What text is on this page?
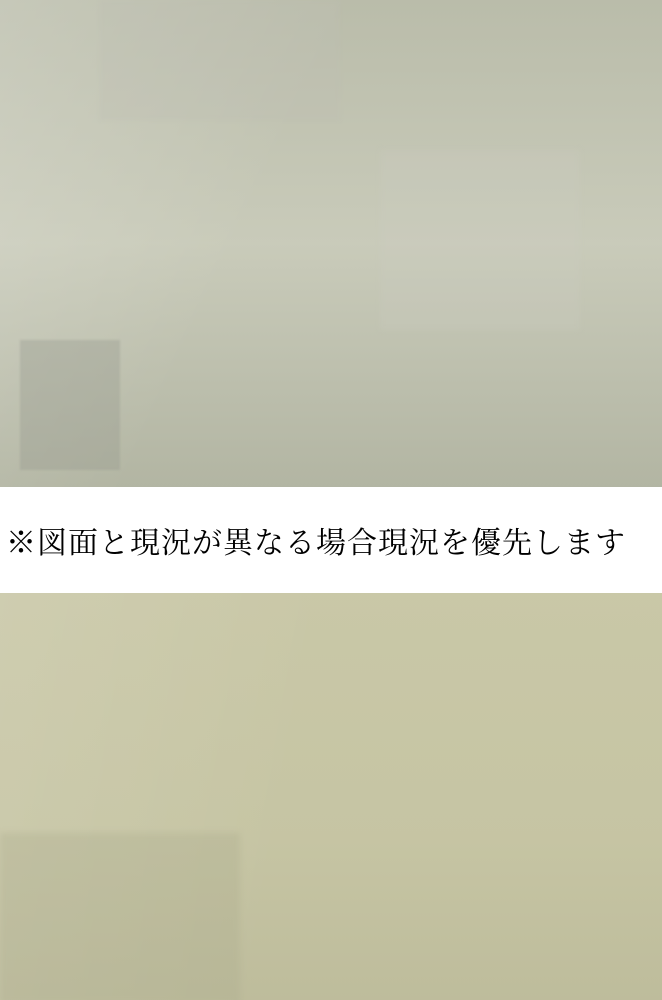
※図面と現況が異なる場合現況を優先します
